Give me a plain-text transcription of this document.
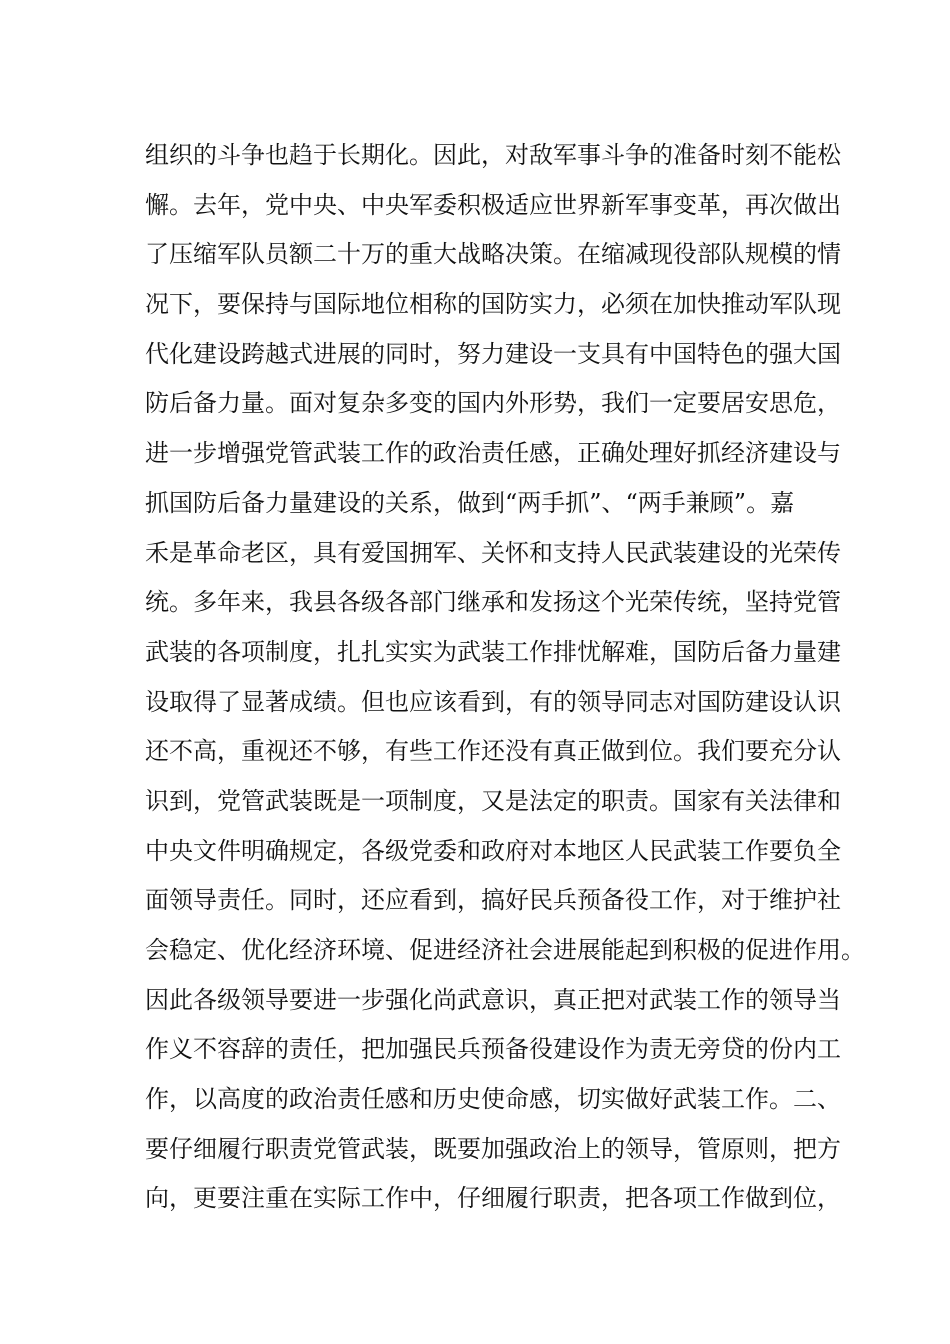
组织的斗争也趋于长期化。因此，对敌军事斗争的准备时刻不能松
懈。去年，党中央、中央军委积极适应世界新军事变革，再次做出
了压缩军队员额二十万的重大战略决策。在缩减现役部队规模的情
况下，要保持与国际地位相称的国防实力，必须在加快推动军队现
代化建设跨越式进展的同时，努力建设一支具有中国特色的强大国
防后备力量。面对复杂多变的国内外形势，我们一定要居安思危，
进一步增强党管武装工作的政治责任感，正确处理好抓经济建设与
抓国防后备力量建设的关系，做到“两手抓”、“两手兼顾”。嘉
禾是革命老区，具有爱国拥军、关怀和支持人民武装建设的光荣传
统。多年来，我县各级各部门继承和发扬这个光荣传统，坚持党管
武装的各项制度，扎扎实实为武装工作排忧解难，国防后备力量建
设取得了显著成绩。但也应该看到，有的领导同志对国防建设认识
还不高，重视还不够，有些工作还没有真正做到位。我们要充分认
识到，党管武装既是一项制度，又是法定的职责。国家有关法律和
中央文件明确规定，各级党委和政府对本地区人民武装工作要负全
面领导责任。同时，还应看到，搞好民兵预备役工作，对于维护社
会稳定、优化经济环境、促进经济社会进展能起到积极的促进作用。
因此各级领导要进一步强化尚武意识，真正把对武装工作的领导当
作义不容辞的责任，把加强民兵预备役建设作为责无旁贷的份内工
作，以高度的政治责任感和历史使命感，切实做好武装工作。二、
要仔细履行职责党管武装，既要加强政治上的领导，管原则，把方
向，更要注重在实际工作中，仔细履行职责，把各项工作做到位，
